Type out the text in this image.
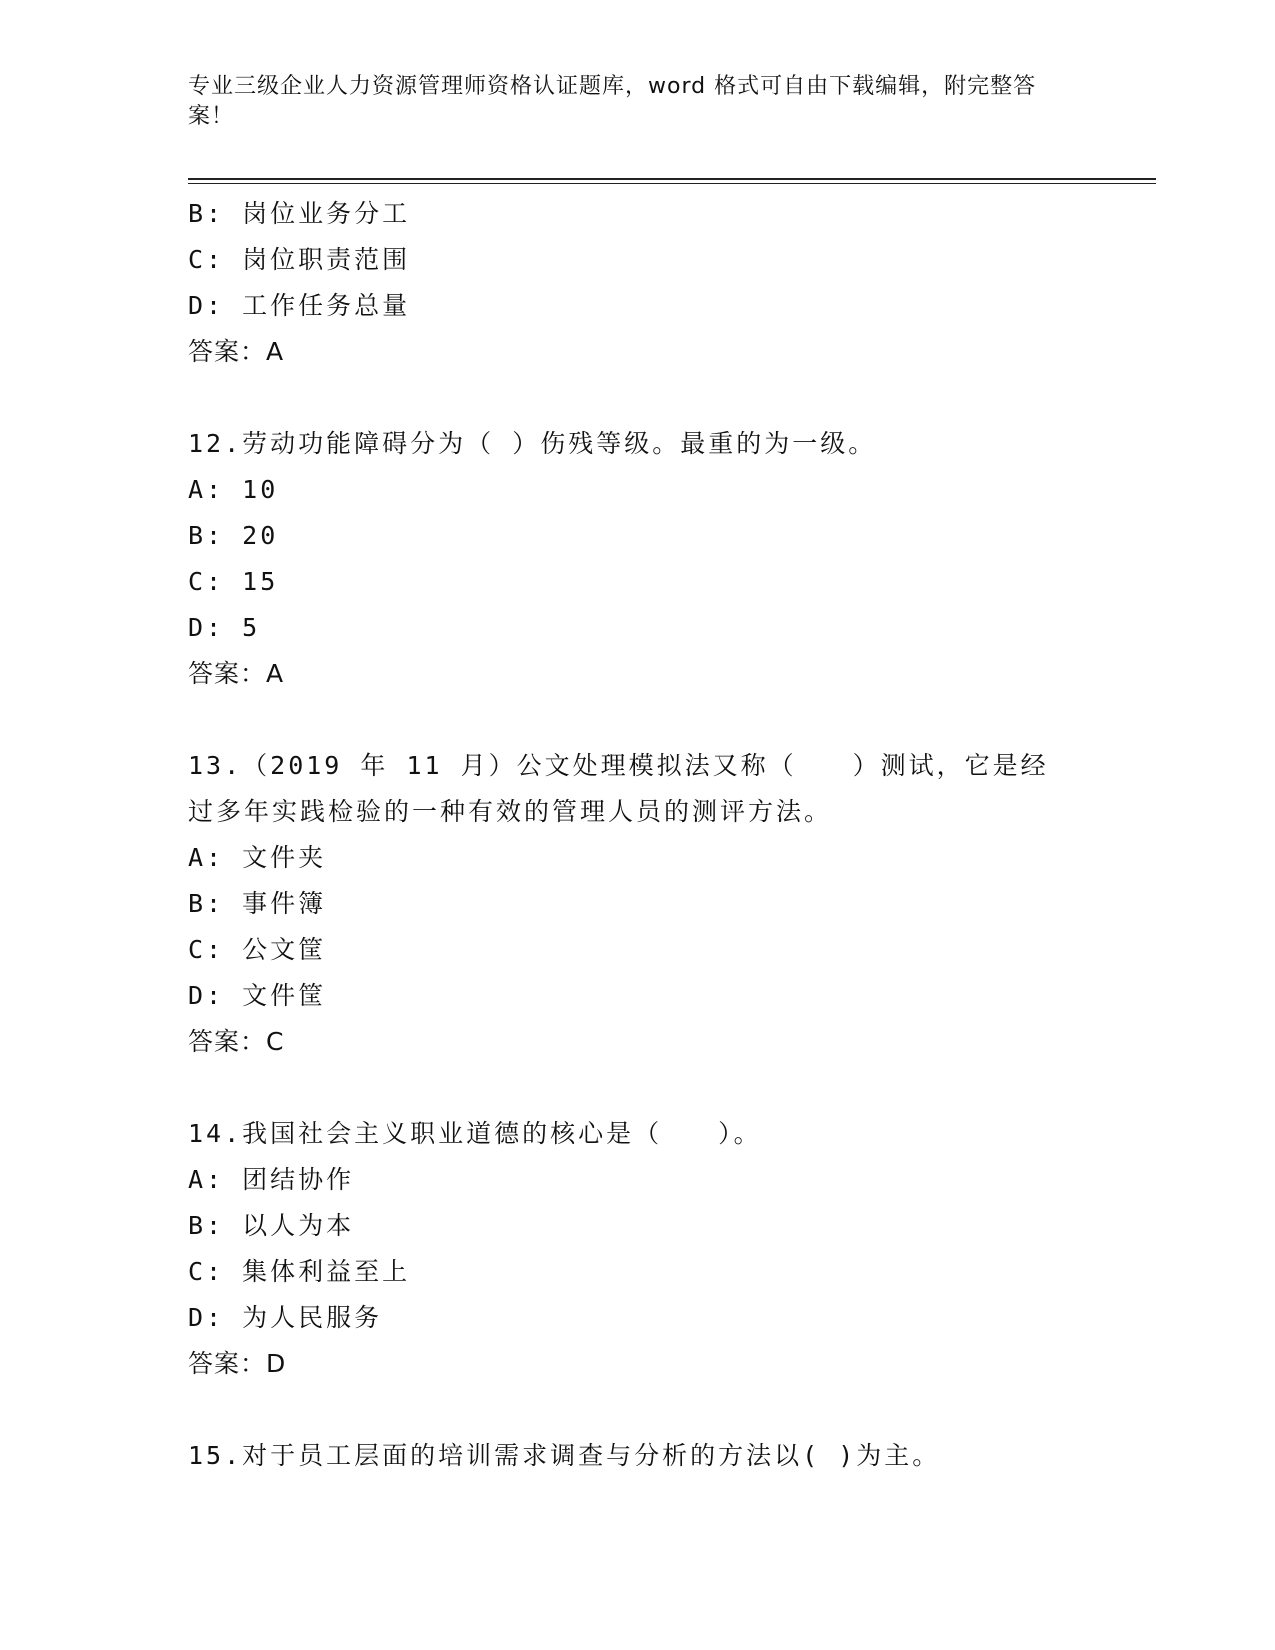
专业三级企业人力资源管理师资格认证题库，word 格式可自由下载编辑，附完整答案！
B: 岗位业务分工
C: 岗位职责范围
D: 工作任务总量
答案：A
12.劳动功能障碍分为（ ）伤残等级。最重的为一级。
A: 10
B: 20
C: 15
D: 5
答案：A
13.（2019 年 11 月）公文处理模拟法又称（　　）测试，它是经过多年实践检验的一种有效的管理人员的测评方法。
A: 文件夹
B: 事件簿
C: 公文筐
D: 文件筐
答案：C
14.我国社会主义职业道德的核心是（　　）。
A: 团结协作
B: 以人为本
C: 集体利益至上
D: 为人民服务
答案：D
15.对于员工层面的培训需求调查与分析的方法以( )为主。
